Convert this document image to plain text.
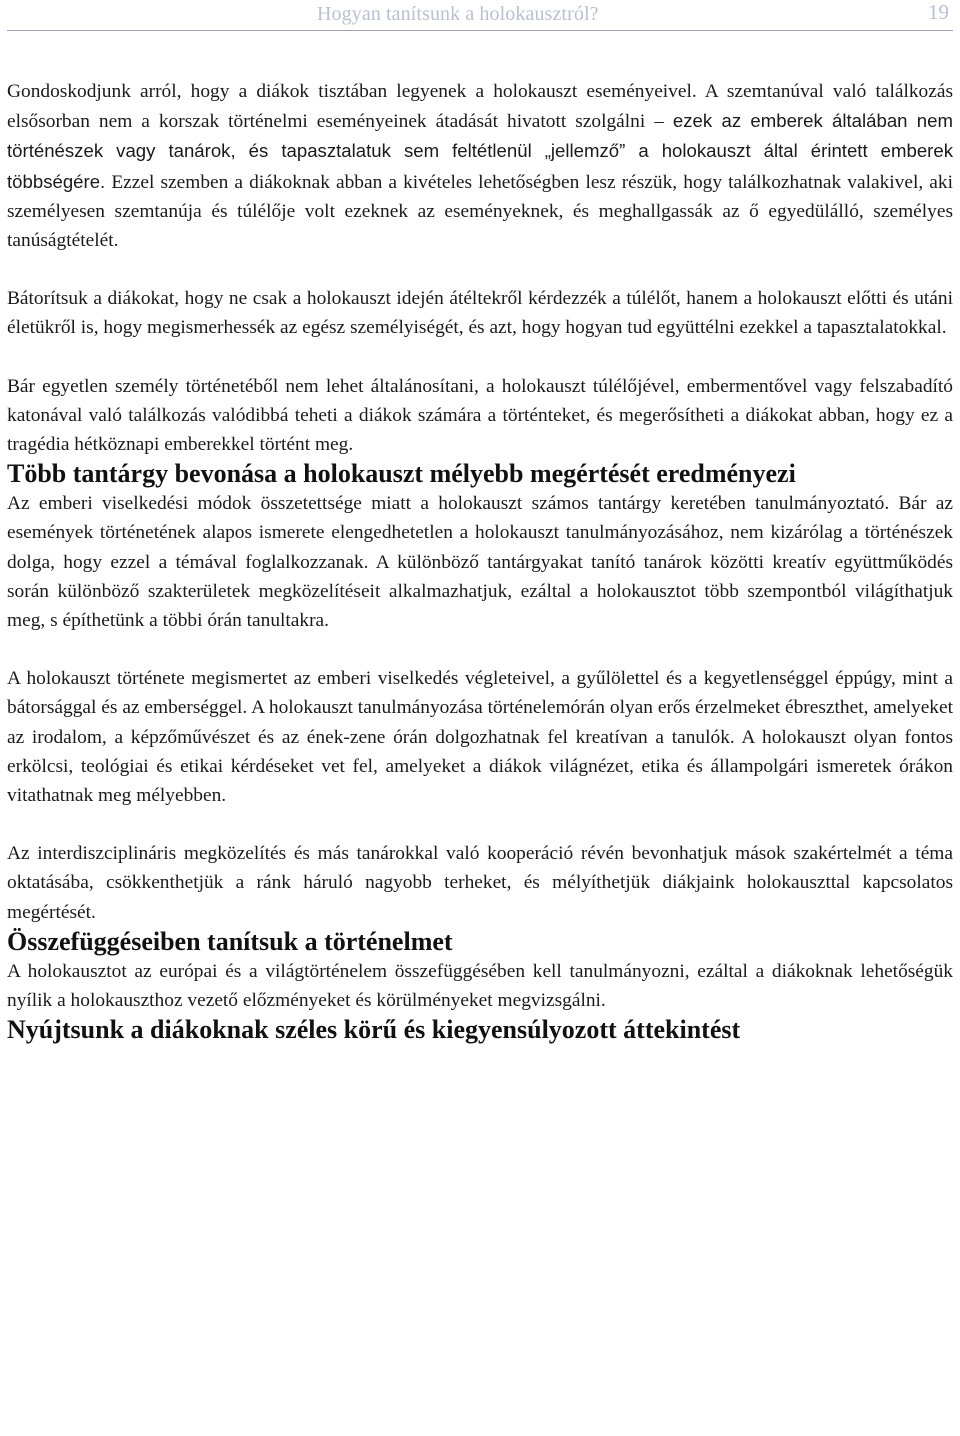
Hogyan tanítsunk a holokausztról?	19

Gondoskodjunk arról, hogy a diákok tisztában legyenek a holokauszt eseményeivel. A szemtanúval való találkozás elsősorban nem a korszak történelmi eseményeinek átadását hivatott szolgálni – ezek az emberek általában nem történészek vagy tanárok, és tapasztalatuk sem feltétlenül „jellemző” a holokauszt által érintett emberek többségére. Ezzel szemben a diákoknak abban a kivételes lehetőségben lesz részük, hogy találkozhatnak valakivel, aki személyesen szemtanúja és túlélője volt ezeknek az eseményeknek, és meghallgassák az ő egyedülálló, személyes tanúságtételét.

Bátorítsuk a diákokat, hogy ne csak a holokauszt idején átéltekről kérdezzék a túlélőt, hanem a holokauszt előtti és utáni életükről is, hogy megismerhessék az egész személyiségét, és azt, hogy hogyan tud együttélni ezekkel a tapasztalatokkal.

Bár egyetlen személy történetéből nem lehet általánosítani, a holokauszt túlélőjével, embermentővel vagy felszabadító katonával való találkozás valódibbá teheti a diákok számára a történteket, és megerősítheti a diákokat abban, hogy ez a tragédia hétköznapi emberekkel történt meg.

Több tantárgy bevonása a holokauszt mélyebb megértését eredményezi

Az emberi viselkedési módok összetettsége miatt a holokauszt számos tantárgy keretében tanulmányoztató. Bár az események történetének alapos ismerete elengedhetetlen a holokauszt tanulmányozásához, nem kizárólag a történészek dolga, hogy ezzel a témával foglalkozzanak. A különböző tantárgyakat tanító tanárok közötti kreatív együttműködés során különböző szakterületek megközelítéseit alkalmazhatjuk, ezáltal a holokausztot több szempontból világíthatjuk meg, s építhetünk a többi órán tanultakra.

A holokauszt története megismertet az emberi viselkedés végleteivel, a gyűlölettel és a kegyetlenséggel éppúgy, mint a bátorsággal és az emberséggel. A holokauszt tanulmányozása történelemórán olyan erős érzelmeket ébreszthet, amelyeket az irodalom, a képzőművészet és az ének-zene órán dolgozhatnak fel kreatívan a tanulók. A holokauszt olyan fontos erkölcsi, teológiai és etikai kérdéseket vet fel, amelyeket a diákok világnézet, etika és állampolgári ismeretek órákon vitathatnak meg mélyebben.

Az interdiszciplináris megközelítés és más tanárokkal való kooperáció révén bevonhatjuk mások szakértelmét a téma oktatásába, csökkenthetjük a ránk háruló nagyobb terheket, és mélyíthetjük diákjaink holokauszttal kapcsolatos megértését.

Összefüggéseiben tanítsuk a történelmet

A holokausztot az európai és a világtörténelem összefüggésében kell tanulmányozni, ezáltal a diákoknak lehetőségük nyílik a holokauszthoz vezető előzményeket és körülményeket megvizsgálni.

Nyújtsunk a diákoknak széles körű és kiegyensúlyozott áttekintést
